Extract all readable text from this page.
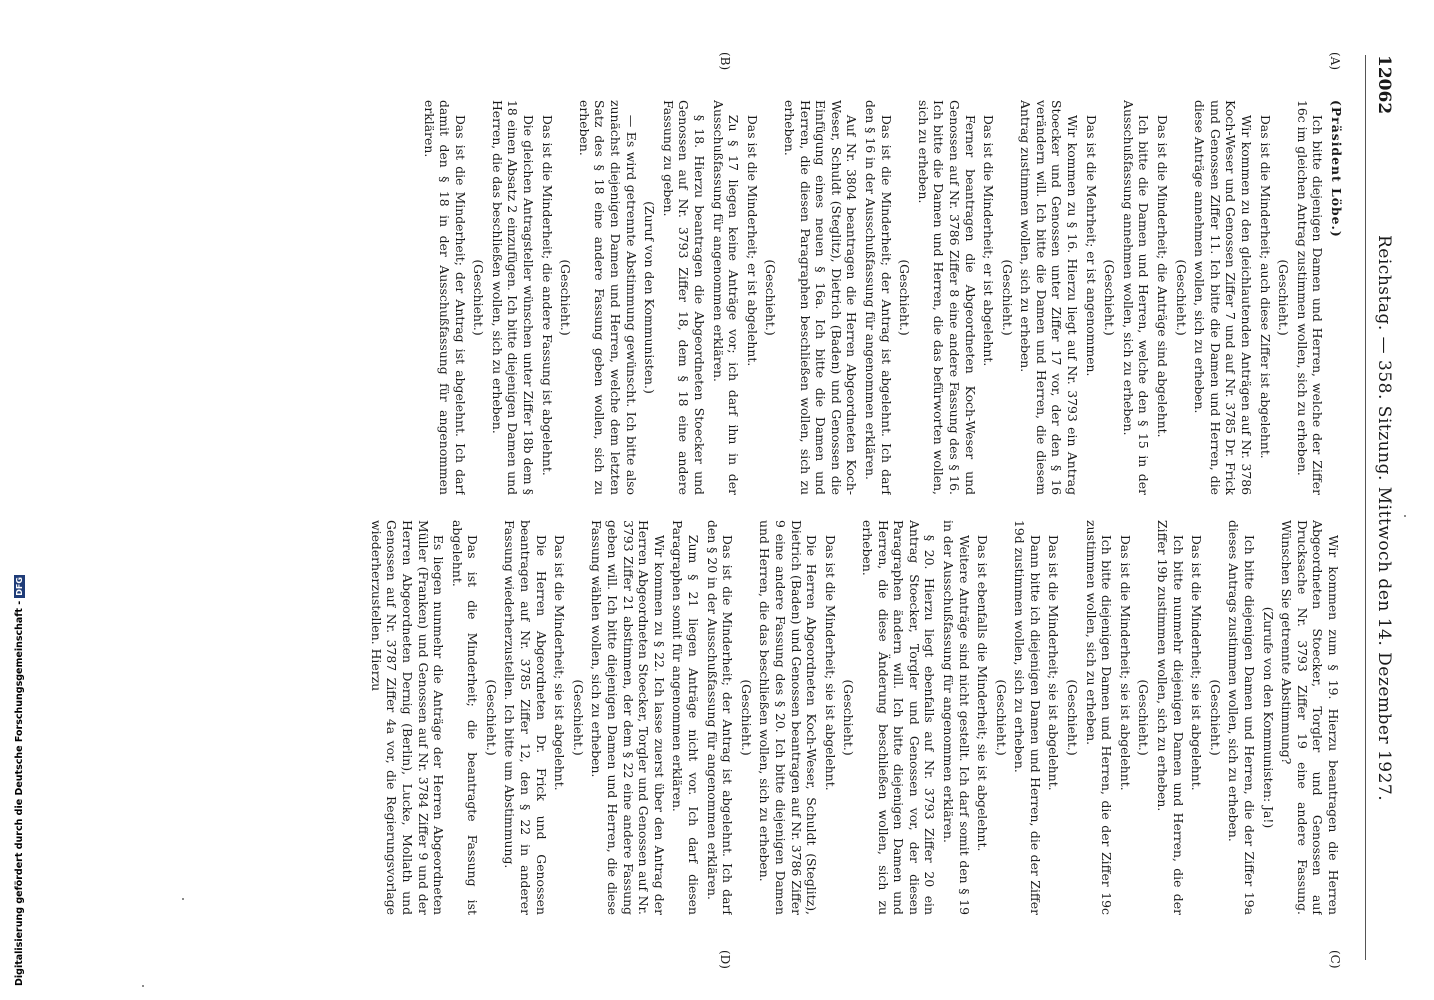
12062
Reichstag. — 358. Sitzung. Mittwoch den 14. Dezember 1927.
(A)
(B)
(C)
(D)

(Präsident Löbe.)

Ich bitte diejenigen Damen und Herren, welche der Ziffer 16c im gleichen Antrag zustimmen wollen, sich zu erheben.

(Geschieht.)

Das ist die Minderheit; auch diese Ziffer ist abgelehnt.

Wir kommen zu den gleichlautenden Anträgen auf Nr. 3786 Koch-Weser und Genossen Ziffer 7 und auf Nr. 3785 Dr. Frick und Genossen Ziffer 11. Ich bitte die Damen und Herren, die diese Anträge annehmen wollen, sich zu erheben.

(Geschieht.)

Das ist die Minderheit; die Anträge sind abgelehnt.

Ich bitte die Damen und Herren, welche den § 15 in der Ausschußfassung annehmen wollen, sich zu erheben.

(Geschieht.)

Das ist die Mehrheit; er ist angenommen.

Wir kommen zu § 16. Hierzu liegt auf Nr. 3793 ein Antrag Stoecker und Genossen unter Ziffer 17 vor, der den § 16 verändern will. Ich bitte die Damen und Herren, die diesem Antrag zustimmen wollen, sich zu erheben.

(Geschieht.)

Das ist die Minderheit; er ist abgelehnt.

Ferner beantragen die Abgeordneten Koch-Weser und Genossen auf Nr. 3786 Ziffer 8 eine andere Fassung des § 16. Ich bitte die Damen und Herren, die das befürworten wollen, sich zu erheben.

(Geschieht.)

Das ist die Minderheit; der Antrag ist abgelehnt. Ich darf den § 16 in der Ausschußfassung für angenommen erklären.

Auf Nr. 3804 beantragen die Herren Abgeordneten Koch-Weser, Schuldt (Steglitz), Dietrich (Baden) und Genossen die Einfügung eines neuen § 16a. Ich bitte die Damen und Herren, die diesen Paragraphen beschließen wollen, sich zu erheben.

(Geschieht.)

Das ist die Minderheit; er ist abgelehnt.

Zu § 17 liegen keine Anträge vor; ich darf ihn in der Ausschußfassung für angenommen erklären.

§ 18. Hierzu beantragen die Abgeordneten Stoecker und Genossen auf Nr. 3793 Ziffer 18, dem § 18 eine andere Fassung zu geben.

(Zuruf von den Kommunisten.)

— Es wird getrennte Abstimmung gewünscht. Ich bitte also zunächst diejenigen Damen und Herren, welche dem letzten Satz des § 18 eine andere Fassung geben wollen, sich zu erheben.

(Geschieht.)

Das ist die Minderheit; die andere Fassung ist abgelehnt.

Die gleichen Antragsteller wünschen unter Ziffer 18b dem § 18 einen Absatz 2 einzufügen. Ich bitte diejenigen Damen und Herren, die das beschließen wollen, sich zu erheben.

(Geschieht.)

Das ist die Minderheit; der Antrag ist abgelehnt. Ich darf damit den § 18 in der Ausschußfassung für angenommen erklären.

Wir kommen zum § 19. Hierzu beantragen die Herren Abgeordneten Stoecker, Torgler und Genossen auf Drucksache Nr. 3793 Ziffer 19 eine andere Fassung. Wünschen Sie getrennte Abstimmung?

(Zurufe von den Kommunisten: Ja!)

Ich bitte diejenigen Damen und Herren, die der Ziffer 19a dieses Antrags zustimmen wollen, sich zu erheben.

(Geschieht.)

Das ist die Minderheit; sie ist abgelehnt.

Ich bitte nunmehr diejenigen Damen und Herren, die der Ziffer 19b zustimmen wollen, sich zu erheben.

(Geschieht.)

Das ist die Minderheit; sie ist abgelehnt.

Ich bitte diejenigen Damen und Herren, die der Ziffer 19c zustimmen wollen, sich zu erheben.

(Geschieht.)

Das ist die Minderheit; sie ist abgelehnt.

Dann bitte ich diejenigen Damen und Herren, die der Ziffer 19d zustimmen wollen, sich zu erheben.

(Geschieht.)

Das ist ebenfalls die Minderheit; sie ist abgelehnt.

Weitere Anträge sind nicht gestellt. Ich darf somit den § 19 in der Ausschußfassung für angenommen erklären.

§ 20. Hierzu liegt ebenfalls auf Nr. 3793 Ziffer 20 ein Antrag Stoecker, Torgler und Genossen vor, der diesen Paragraphen ändern will. Ich bitte diejenigen Damen und Herren, die diese Änderung beschließen wollen, sich zu erheben.

(Geschieht.)

Das ist die Minderheit; sie ist abgelehnt.

Die Herren Abgeordneten Koch-Weser, Schuldt (Steglitz), Dietrich (Baden) und Genossen beantragen auf Nr. 3786 Ziffer 9 eine andere Fassung des § 20. Ich bitte diejenigen Damen und Herren, die das beschließen wollen, sich zu erheben.

(Geschieht.)

Das ist die Minderheit; der Antrag ist abgelehnt. Ich darf den § 20 in der Ausschußfassung für angenommen erklären.

Zum § 21 liegen Anträge nicht vor. Ich darf diesen Paragraphen somit für angenommen erklären.

Wir kommen zu § 22. Ich lasse zuerst über den Antrag der Herren Abgeordneten Stoecker, Torgler und Genossen auf Nr. 3793 Ziffer 21 abstimmen, der dem § 22 eine andere Fassung geben will. Ich bitte diejenigen Damen und Herren, die diese Fassung wählen wollen, sich zu erheben.

(Geschieht.)

Das ist die Minderheit; sie ist abgelehnt.

Die Herren Abgeordneten Dr. Frick und Genossen beantragen auf Nr. 3785 Ziffer 12, den § 22 in anderer Fassung wiederherzustellen. Ich bitte um Abstimmung.

(Geschieht.)

Das ist die Minderheit; die beantragte Fassung ist abgelehnt.

Es liegen nunmehr die Anträge der Herren Abgeordneten Müller (Franken) und Genossen auf Nr. 3784 Ziffer 9 und der Herren Abgeordneten Dernig (Berlin), Lucke, Mollath und Genossen auf Nr. 3787 Ziffer 4a vor, die Regierungsvorlage wiederherzustellen. Hierzu

Digitalisierung gefördert durch die Deutsche Forschungsgemeinschaft -
DFG
